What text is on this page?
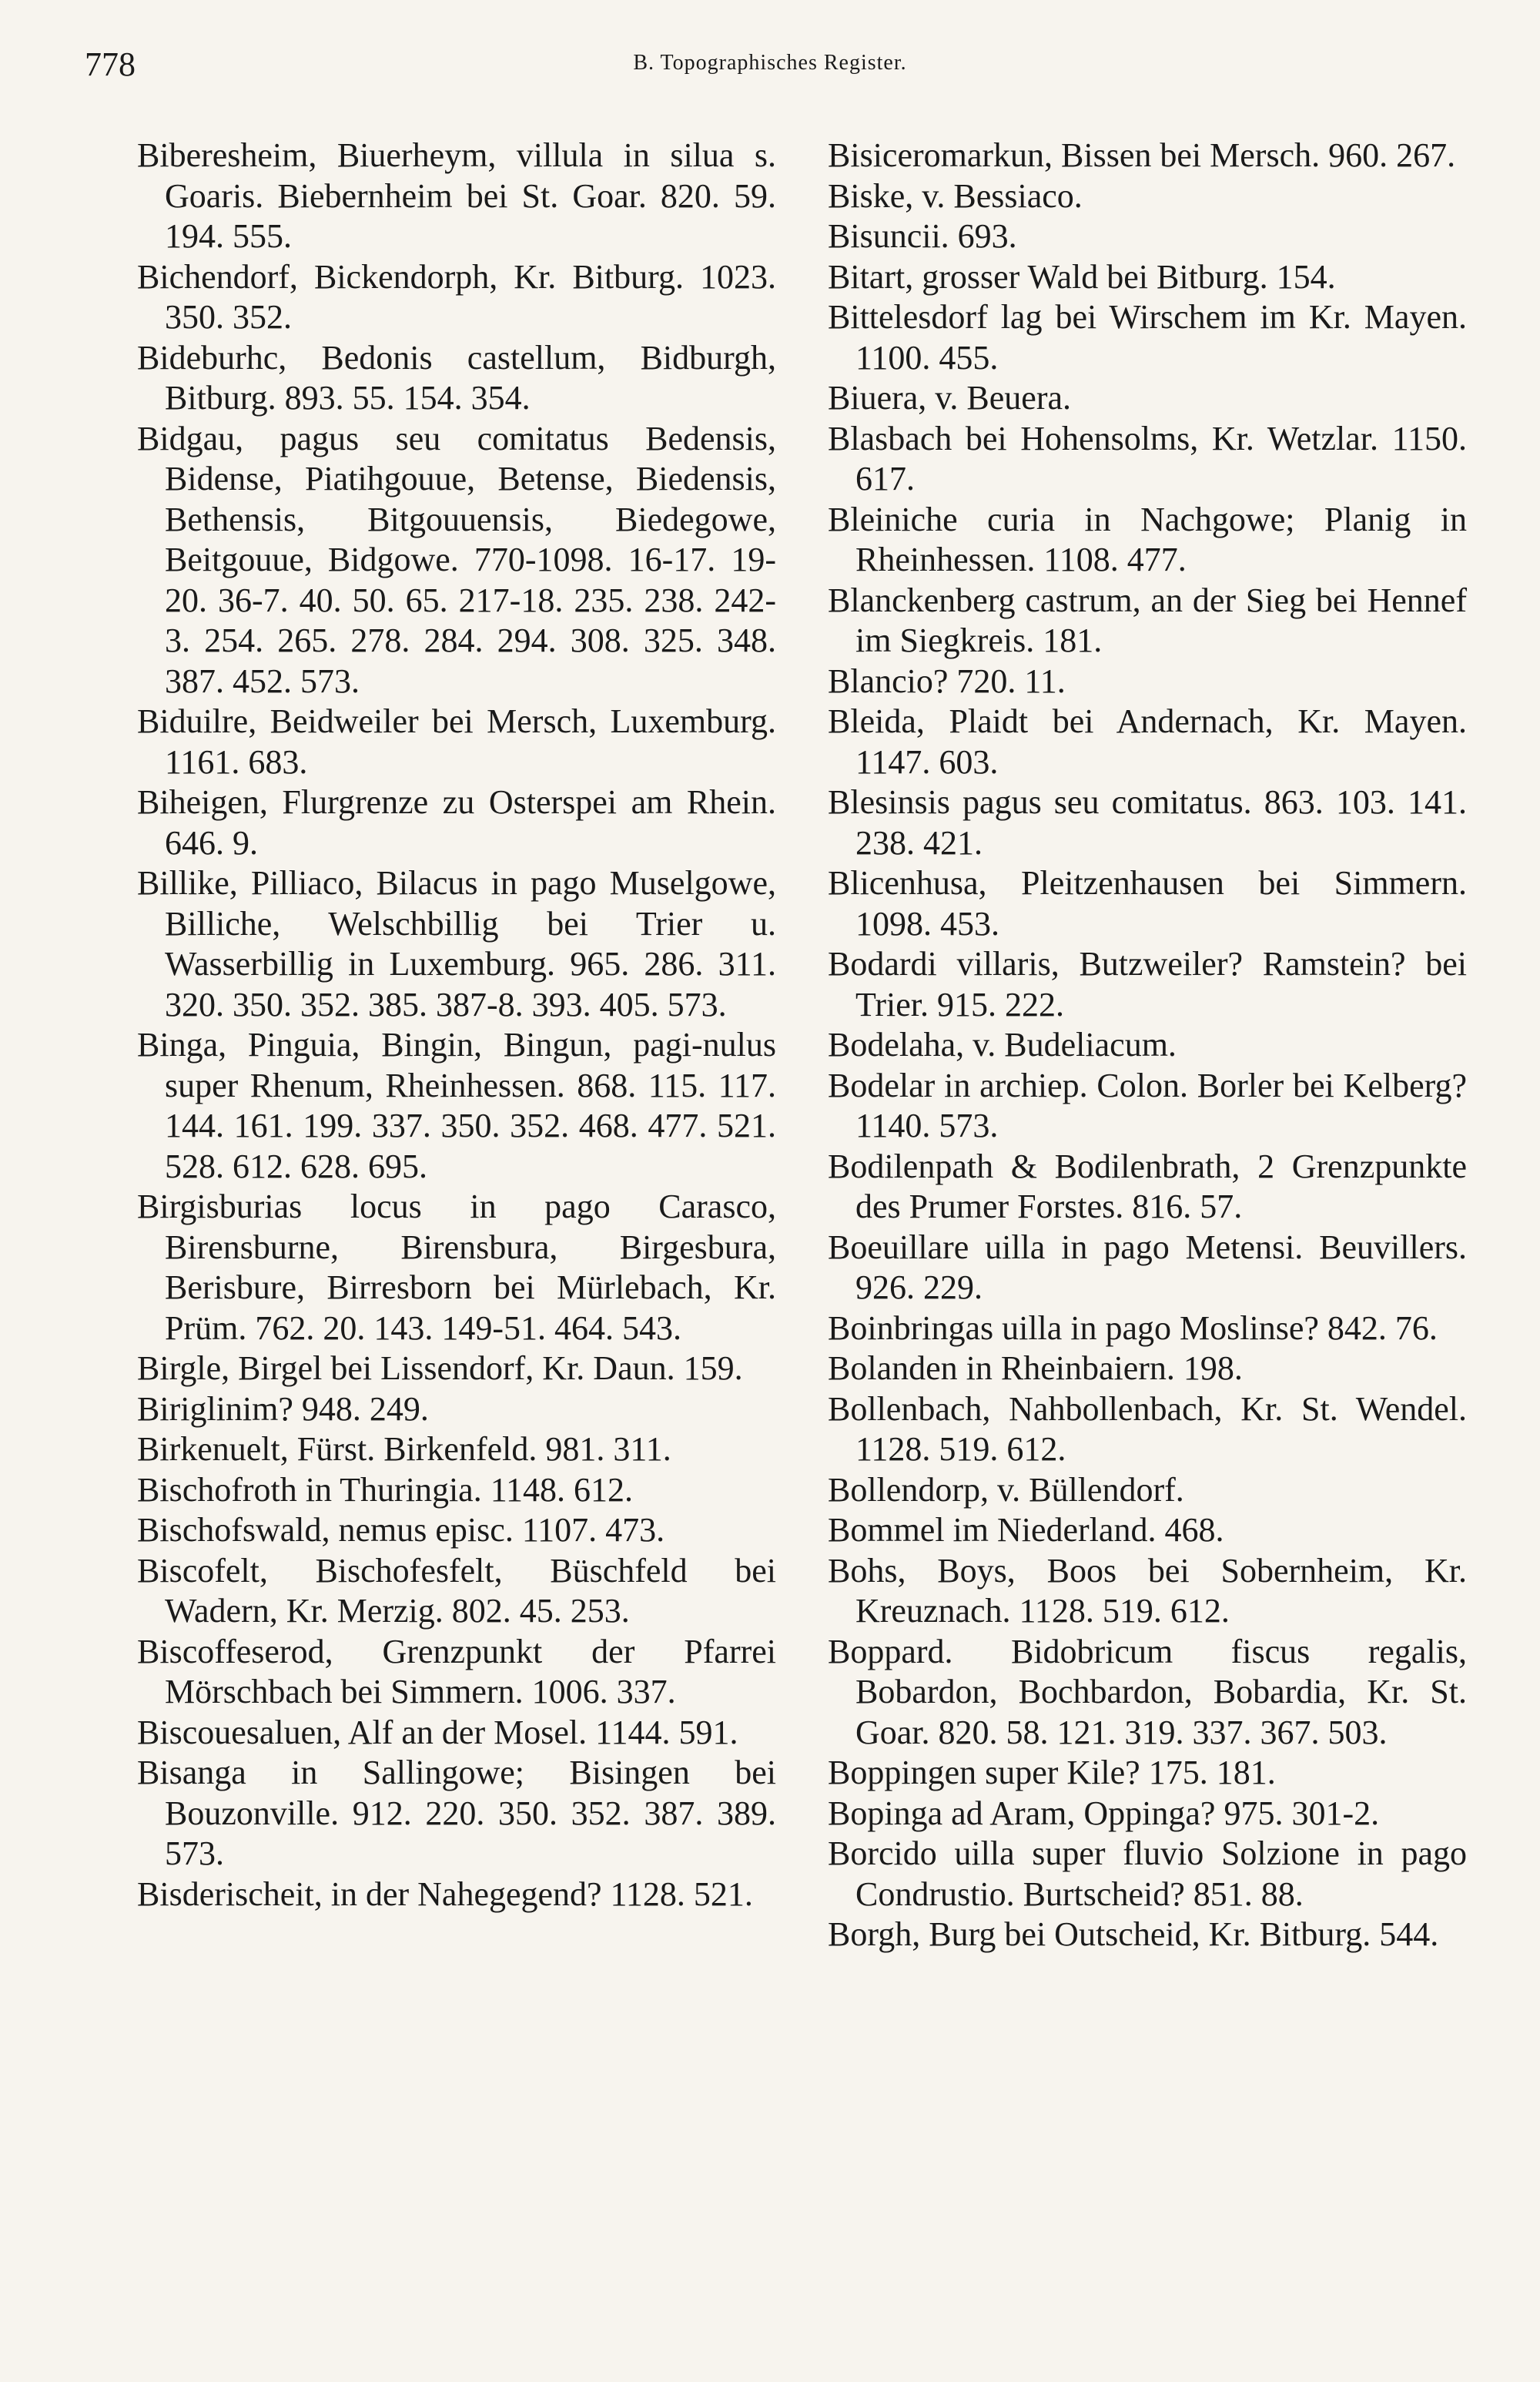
778	B. Topographisches Register.

Biberesheim, Biuerheym, villula in silua s. Goaris. Biebernheim bei St. Goar. 820. 59. 194. 555.

Bichendorf, Bickendorph, Kr. Bitburg. 1023. 350. 352.

Bideburhc, Bedonis castellum, Bidburgh, Bitburg. 893. 55. 154. 354.

Bidgau, pagus seu comitatus Bedensis, Bidense, Piatihgouue, Betense, Biedensis, Bethensis, Bitgouuensis, Biedegowe, Beitgouue, Bidgowe. 770-1098. 16-17. 19-20. 36-7. 40. 50. 65. 217-18. 235. 238. 242-3. 254. 265. 278. 284. 294. 308. 325. 348. 387. 452. 573.

Biduilre, Beidweiler bei Mersch, Luxemburg. 1161. 683.

Biheigen, Flurgrenze zu Osterspei am Rhein. 646. 9.

Billike, Pilliaco, Bilacus in pago Muselgowe, Billiche, Welschbillig bei Trier u. Wasserbillig in Luxemburg. 965. 286. 311. 320. 350. 352. 385. 387-8. 393. 405. 573.

Binga, Pinguia, Bingin, Bingun, pagi-nulus super Rhenum, Rheinhessen. 868. 115. 117. 144. 161. 199. 337. 350. 352. 468. 477. 521. 528. 612. 628. 695.

Birgisburias locus in pago Carasco, Birensburne, Birensbura, Birgesbura, Berisbure, Birresborn bei Mürlebach, Kr. Prüm. 762. 20. 143. 149-51. 464. 543.

Birgle, Birgel bei Lissendorf, Kr. Daun. 159.

Biriglinim? 948. 249.

Birkenuelt, Fürst. Birkenfeld. 981. 311.

Bischofroth in Thuringia. 1148. 612.

Bischofswald, nemus episc. 1107. 473.

Biscofelt, Bischofesfelt, Büschfeld bei Wadern, Kr. Merzig. 802. 45. 253.

Biscoffeserod, Grenzpunkt der Pfarrei Mörschbach bei Simmern. 1006. 337.

Biscouesaluen, Alf an der Mosel. 1144. 591.

Bisanga in Sallingowe; Bisingen bei Bouzonville. 912. 220. 350. 352. 387. 389. 573.

Bisderischeit, in der Nahegegend? 1128. 521.

Bisiceromarkun, Bissen bei Mersch. 960. 267.

Biske, v. Bessiaco.

Bisuncii. 693.

Bitart, grosser Wald bei Bitburg. 154.

Bittelesdorf lag bei Wirschem im Kr. Mayen. 1100. 455.

Biuera, v. Beuera.

Blasbach bei Hohensolms, Kr. Wetzlar. 1150. 617.

Bleiniche curia in Nachgowe; Planig in Rheinhessen. 1108. 477.

Blanckenberg castrum, an der Sieg bei Hennef im Siegkreis. 181.

Blancio? 720. 11.

Bleida, Plaidt bei Andernach, Kr. Mayen. 1147. 603.

Blesinsis pagus seu comitatus. 863. 103. 141. 238. 421.

Blicenhusa, Pleitzenhausen bei Simmern. 1098. 453.

Bodardi villaris, Butzweiler? Ramstein? bei Trier. 915. 222.

Bodelaha, v. Budeliacum.

Bodelar in archiep. Colon. Borler bei Kelberg? 1140. 573.

Bodilenpath & Bodilenbrath, 2 Grenzpunkte des Prumer Forstes. 816. 57.

Boeuillare uilla in pago Metensi. Beuvillers. 926. 229.

Boinbringas uilla in pago Moslinse? 842. 76.

Bolanden in Rheinbaiern. 198.

Bollenbach, Nahbollenbach, Kr. St. Wendel. 1128. 519. 612.

Bollendorp, v. Büllendorf.

Bommel im Niederland. 468.

Bohs, Boys, Boos bei Sobernheim, Kr. Kreuznach. 1128. 519. 612.

Boppard. Bidobricum fiscus regalis, Bobardon, Bochbardon, Bobardia, Kr. St. Goar. 820. 58. 121. 319. 337. 367. 503.

Boppingen super Kile? 175. 181.

Bopinga ad Aram, Oppinga? 975. 301-2.

Borcido uilla super fluvio Solzione in pago Condrustio. Burtscheid? 851. 88.

Borgh, Burg bei Outscheid, Kr. Bitburg. 544.
